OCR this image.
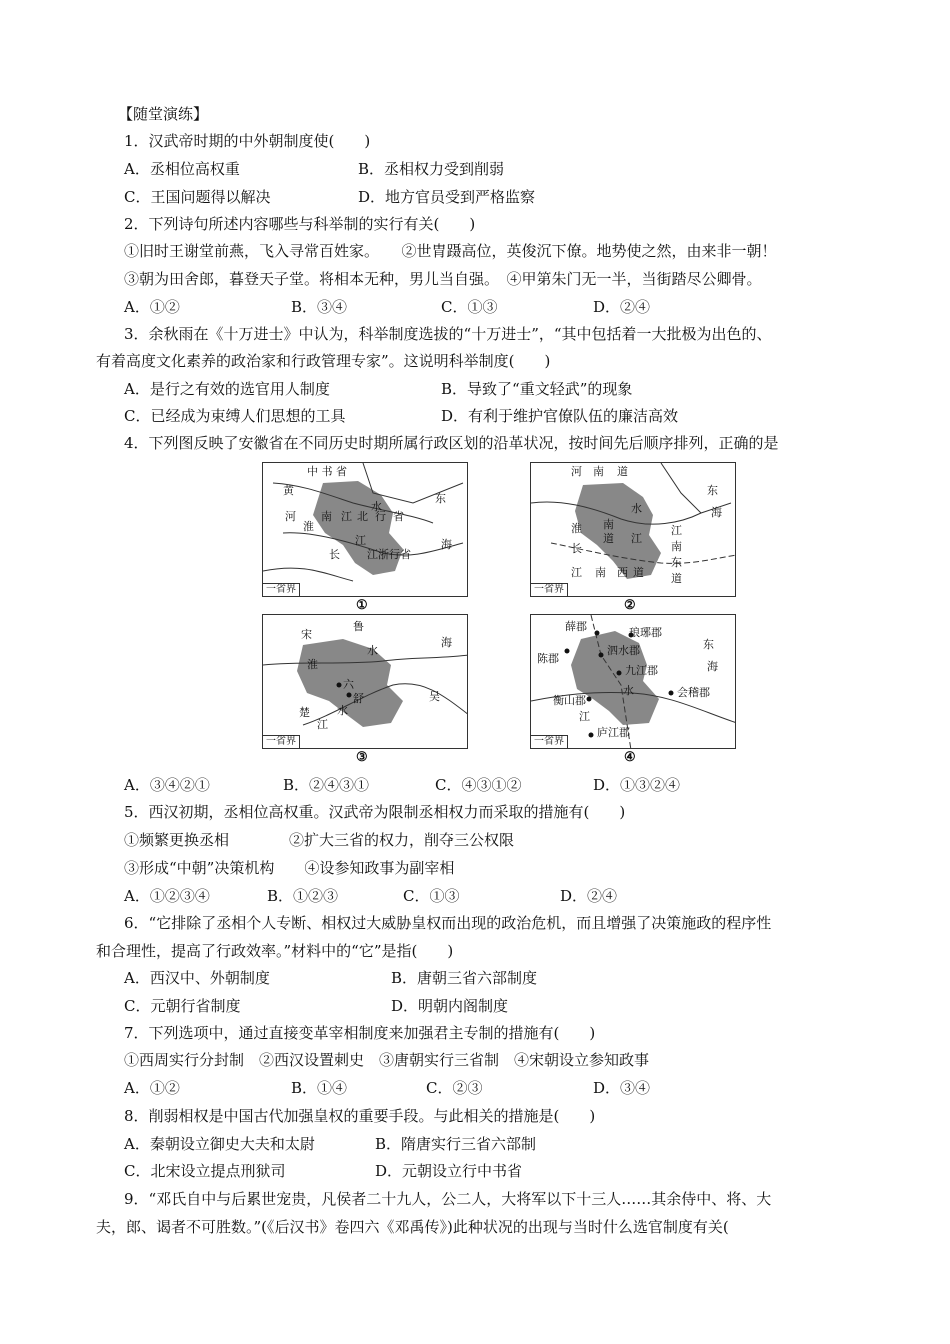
【随堂演练】
1．汉武帝时期的中外朝制度使(　　)
A．丞相位高权重	B．丞相权力受到削弱
C．王国问题得以解决	D．地方官员受到严格监察
2．下列诗句所述内容哪些与科举制的实行有关(　　)
①旧时王谢堂前燕，飞入寻常百姓家。　　②世胄蹑高位，英俊沉下僚。地势使之然，由来非一朝！
③朝为田舍郎，暮登天子堂。将相本无种，男儿当自强。　④甲第朱门无一半，当街踏尽公卿骨。
A．①②	B．③④	C．①③	D．②④
3．余秋雨在《十万进士》中认为，科举制度选拔的“十万进士”，“其中包括着一大批极为出色的、
有着高度文化素养的政治家和行政管理专家”。这说明科举制度(　　)
A．是行之有效的选官用人制度	B．导致了“重文轻武”的现象
C．已经成为束缚人们思想的工具	D．有利于维护官僚队伍的廉洁高效
4．下列图反映了安徽省在不同历史时期所属行政区划的沿革状况，按时间先后顺序排列，正确的是
中 书 省
黄
河 南 北
淮
江
长
江
水
行 省
江浙行省
东
海
一省界
①
河 南 道
淮 南
道
水
江
长
江 南 西 道
东
海
江
南
东
道
一省界
②
宋
鲁
淮
水
六
舒
楚
江
水
吴
海
一省界
③
薛郡	琅琊郡
陈郡
泗水郡
九江郡
衡山郡
会稽郡
庐江郡
东
海
水
江
一省界
④
A．③④②①	B．②④③①	C．④③①②	D．①③②④
5．西汉初期，丞相位高权重。汉武帝为限制丞相权力而采取的措施有(　　)
①频繁更换丞相　　　　②扩大三省的权力，削夺三公权限
③形成“中朝”决策机构　　④设参知政事为副宰相
A．①②③④	B．①②③	C．①③	D．②④
6．“它排除了丞相个人专断、相权过大威胁皇权而出现的政治危机，而且增强了决策施政的程序性
和合理性，提高了行政效率。”材料中的“它”是指(　　)
A．西汉中、外朝制度	B．唐朝三省六部制度
C．元朝行省制度	D．明朝内阁制度
7．下列选项中，通过直接变革宰相制度来加强君主专制的措施有(　　)
①西周实行分封制　②西汉设置刺史　③唐朝实行三省制　④宋朝设立参知政事
A．①②	B．①④	C．②③	D．③④
8．削弱相权是中国古代加强皇权的重要手段。与此相关的措施是(　　)
A．秦朝设立御史大夫和太尉	B．隋唐实行三省六部制
C．北宋设立提点刑狱司	D．元朝设立行中书省
9．“邓氏自中与后累世宠贵，凡侯者二十九人，公二人，大将军以下十三人……其余侍中、将、大
夫，郎、谒者不可胜数。”(《后汉书》卷四六《邓禹传》)此种状况的出现与当时什么选官制度有关(
